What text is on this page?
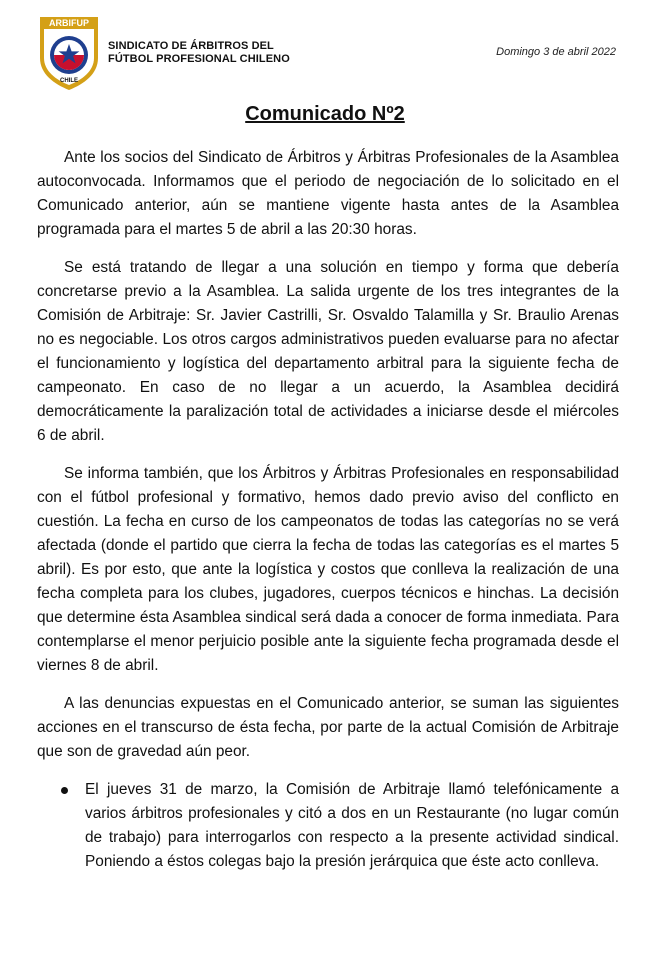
ARBIFUP
CHILE
SINDICATO DE ÁRBITROS DEL
FÚTBOL PROFESIONAL CHILENO
Domingo 3 de abril 2022
Comunicado Nº2

Ante los socios del Sindicato de Árbitros y Árbitras Profesionales de la Asamblea autoconvocada. Informamos que el periodo de negociación de lo solicitado en el Comunicado anterior, aún se mantiene vigente hasta antes de la Asamblea programada para el martes 5 de abril a las 20:30 horas.

Se está tratando de llegar a una solución en tiempo y forma que debería concretarse previo a la Asamblea. La salida urgente de los tres integrantes de la Comisión de Arbitraje: Sr. Javier Castrilli, Sr. Osvaldo Talamilla y Sr. Braulio Arenas no es negociable. Los otros cargos administrativos pueden evaluarse para no afectar el funcionamiento y logística del departamento arbitral para la siguiente fecha de campeonato. En caso de no llegar a un acuerdo, la Asamblea decidirá democráticamente la paralización total de actividades a iniciarse desde el miércoles 6 de abril.

Se informa también, que los Árbitros y Árbitras Profesionales en responsabilidad con el fútbol profesional y formativo, hemos dado previo aviso del conflicto en cuestión. La fecha en curso de los campeonatos de todas las categorías no se verá afectada (donde el partido que cierra la fecha de todas las categorías es el martes 5 abril). Es por esto, que ante la logística y costos que conlleva la realización de una fecha completa para los clubes, jugadores, cuerpos técnicos e hinchas. La decisión que determine ésta Asamblea sindical será dada a conocer de forma inmediata. Para contemplarse el menor perjuicio posible ante la siguiente fecha programada desde el viernes 8 de abril.

A las denuncias expuestas en el Comunicado anterior, se suman las siguientes acciones en el transcurso de ésta fecha, por parte de la actual Comisión de Arbitraje que son de gravedad aún peor.

El jueves 31 de marzo, la Comisión de Arbitraje llamó telefónicamente a varios árbitros profesionales y citó a dos en un Restaurante (no lugar común de trabajo) para interrogarlos con respecto a la presente actividad sindical. Poniendo a éstos colegas bajo la presión jerárquica que éste acto conlleva.
